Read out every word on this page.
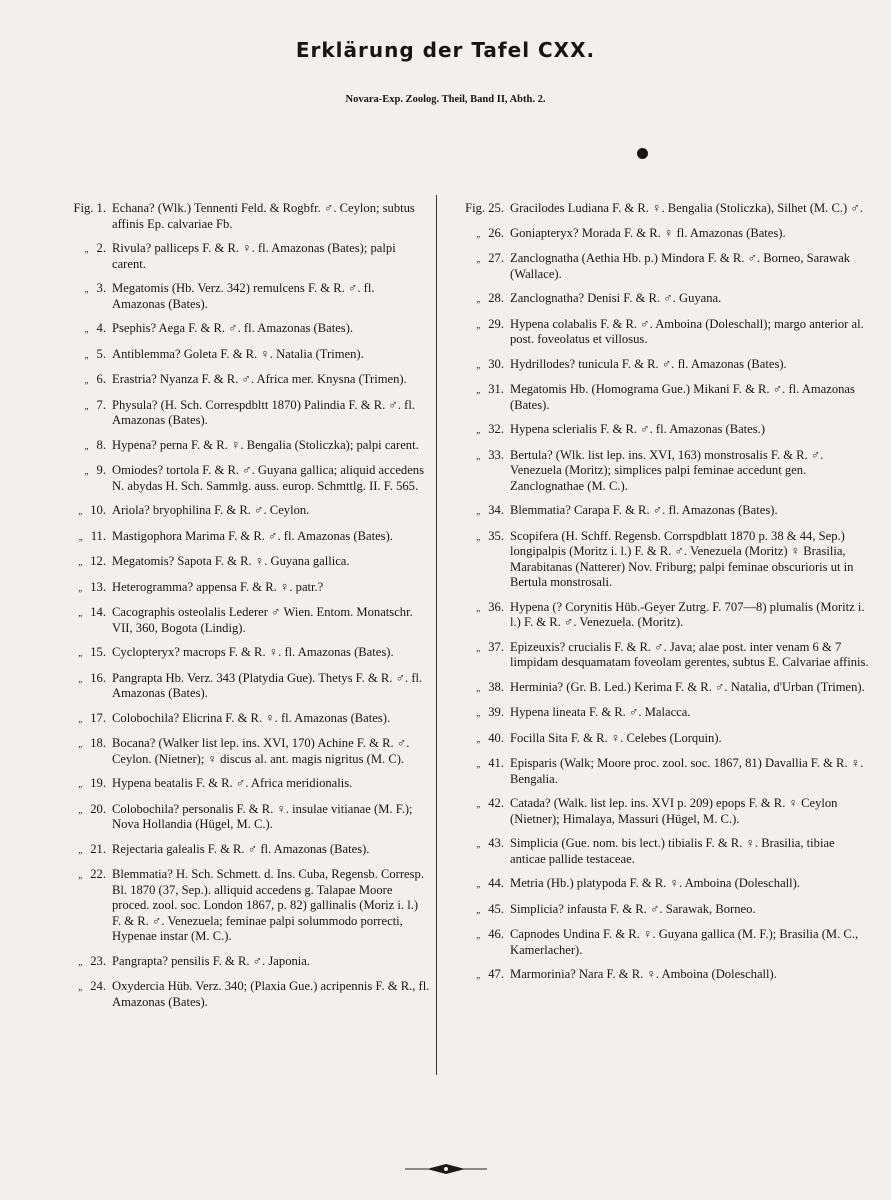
Erklärung der Tafel CXX.
Novara-Exp. Zoolog. Theil, Band II, Abth. 2.
Fig. 1. Echana? (Wlk.) Tennenti Feld. & Rogbfr. ♂. Ceylon; subtus affinis Ep. calvariae Fb.
„ 2. Rivula? palliceps F. & R. ♀. fl. Amazonas (Bates); palpi carent.
„ 3. Megatomis (Hb. Verz. 342) remulcens F. & R. ♂. fl. Amazonas (Bates).
„ 4. Psephis? Aega F. & R. ♂. fl. Amazonas (Bates).
„ 5. Antiblemma? Goleta F. & R. ♀. Natalia (Trimen).
„ 6. Erastria? Nyanza F. & R. ♂. Africa mer. Knysna (Trimen).
„ 7. Physula? (H. Sch. Correspdbltt 1870) Palindia F. & R. ♂. fl. Amazonas (Bates).
„ 8. Hypena? perna F. & R. ♀. Bengalia (Stoliczka); palpi carent.
„ 9. Omiodes? tortola F. & R. ♂. Guyana gallica; aliquid accedens N. abydas H. Sch. Sammlg. auss. europ. Schmttlg. II. F. 565.
„ 10. Ariola? bryophilina F. & R. ♂. Ceylon.
„ 11. Mastigophora Marima F. & R. ♂. fl. Amazonas (Bates).
„ 12. Megatomis? Sapota F. & R. ♀. Guyana gallica.
„ 13. Heterogramma? appensa F. & R. ♀. patr.?
„ 14. Cacographis osteolalis Lederer ♂ Wien. Entom. Monatschr. VII, 360, Bogota (Lindig).
„ 15. Cyclopteryx? macrops F. & R. ♀. fl. Amazonas (Bates).
„ 16. Pangrapta Hb. Verz. 343 (Platydia Gue). Thetys F. & R. ♂. fl. Amazonas (Bates).
„ 17. Colobochila? Elicrina F. & R. ♀. fl. Amazonas (Bates).
„ 18. Bocana? (Walker list lep. ins. XVI, 170) Achine F. & R. ♂. Ceylon. (Nietner); ♀ discus al. ant. magis nigritus (M. C).
„ 19. Hypena beatalis F. & R. ♂. Africa meridionalis.
„ 20. Colobochila? personalis F. & R. ♀. insulae vitianae (M. F.); Nova Hollandia (Hügel, M. C.).
„ 21. Rejectaria galealis F. & R. ♂ fl. Amazonas (Bates).
„ 22. Blemmatia? H. Sch. Schmett. d. Ins. Cuba, Regensb. Corresp. Bl. 1870 (37, Sep.). alliquid accedens g. Talapae Moore proced. zool. soc. London 1867, p. 82) gallinalis (Moriz i. l.) F. & R. ♂. Venezuela; feminae palpi solummodo porrecti, Hypenae instar (M. C.).
„ 23. Pangrapta? pensilis F. & R. ♂. Japonia.
„ 24. Oxydercia Hüb. Verz. 340; (Plaxia Gue.) acripennis F. & R., fl. Amazonas (Bates).
Fig. 25. Gracilodes Ludiana F. & R. ♀. Bengalia (Stoliczka), Silhet (M. C.) ♂.
„ 26. Goniapteryx? Morada F. & R. ♀ fl. Amazonas (Bates).
„ 27. Zanclognatha (Aethia Hb. p.) Mindora F. & R. ♂. Borneo, Sarawak (Wallace).
„ 28. Zanclognatha? Denisi F. & R. ♂. Guyana.
„ 29. Hypena colabalis F. & R. ♂. Amboina (Doleschall); margo anterior al. post. foveolatus et villosus.
„ 30. Hydrillodes? tunicula F. & R. ♂. fl. Amazonas (Bates).
„ 31. Megatomis Hb. (Homograma Gue.) Mikani F. & R. ♂. fl. Amazonas (Bates).
„ 32. Hypena sclerialis F. & R. ♂. fl. Amazonas (Bates.)
„ 33. Bertula? (Wlk. list lep. ins. XVI, 163) monstrosalis F. & R. ♂. Venezuela (Moritz); simplices palpi feminae accedunt gen. Zanclognathae (M. C.).
„ 34. Blemmatia? Carapa F. & R. ♂. fl. Amazonas (Bates).
„ 35. Scopifera (H. Schff. Regensb. Corrspdblatt 1870 p. 38 & 44, Sep.) longipalpis (Moritz i. l.) F. & R. ♂. Venezuela (Moritz) ♀ Brasilia, Marabitanas (Natterer) Nov. Friburg; palpi feminae obscurioris ut in Bertula monstrosali.
„ 36. Hypena (? Corynitis Hüb.-Geyer Zutrg. F. 707—8) plumalis (Moritz i. l.) F. & R. ♂. Venezuela. (Moritz).
„ 37. Epizeuxis? crucialis F. & R. ♂. Java; alae post. inter venam 6 & 7 limpidam desquamatam foveolam gerentes, subtus E. Calvariae affinis.
„ 38. Herminia? (Gr. B. Led.) Kerima F. & R. ♂. Natalia, d'Urban (Trimen).
„ 39. Hypena lineata F. & R. ♂. Malacca.
„ 40. Focilla Sita F. & R. ♀. Celebes (Lorquin).
„ 41. Episparis (Walk; Moore proc. zool. soc. 1867, 81) Davallia F. & R. ♀. Bengalia.
„ 42. Catada? (Walk. list lep. ins. XVI p. 209) epops F. & R. ♀ Ceylon (Nietner); Himalaya, Massuri (Hügel, M. C.).
„ 43. Simplicia (Gue. nom. bis lect.) tibialis F. & R. ♀. Brasilia, tibiae anticae pallide testaceae.
„ 44. Metria (Hb.) platypoda F. & R. ♀. Amboina (Doleschall).
„ 45. Simplicia? infausta F. & R. ♂. Sarawak, Borneo.
„ 46. Capnodes Undina F. & R. ♀. Guyana gallica (M. F.); Brasilia (M. C., Kamerlacher).
„ 47. Marmorinia? Nara F. & R. ♀. Amboina (Doleschall).
